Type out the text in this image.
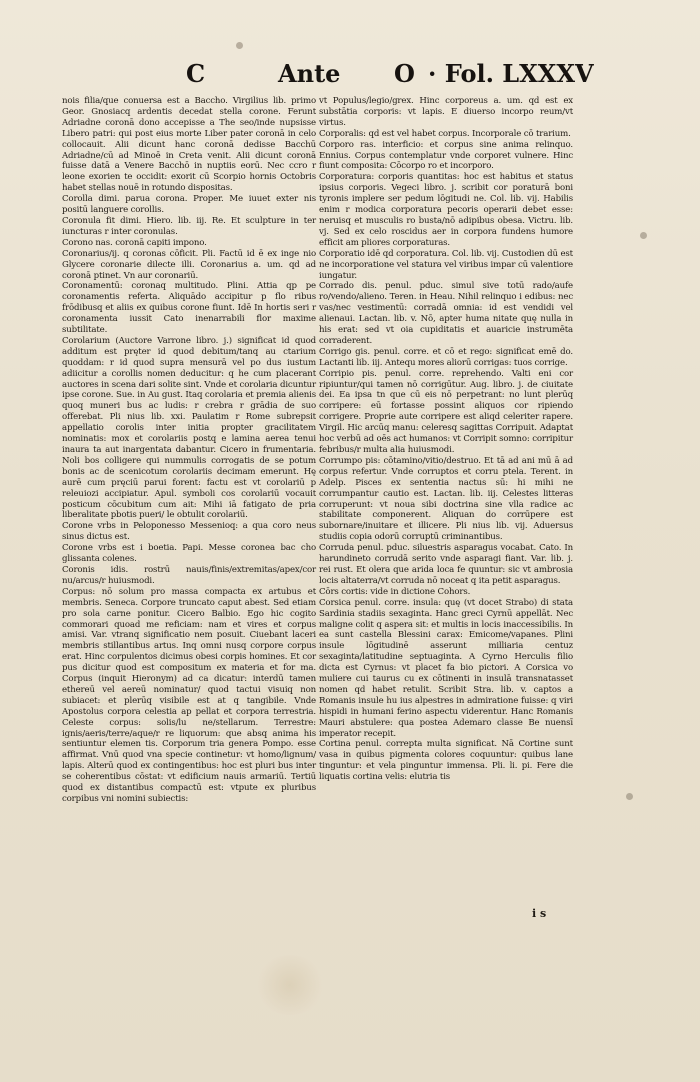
C	Ante O · Fol. LXXXV

nois filia/que conuersa est a Baccho. Virgilius lib. primo Geor. Gnosiacq ardentis decedat stella corone. Ferunt Adriadne coronā dono accepisse a The seo/inde nupsisse Libero patri: qui post eius morte Liber pater coronā in celo collocauit. Alii dicunt hanc coronā dedisse Bacchū Adriadne/cū ad Minoē in Creta venit. Alii dicunt coronā fuisse datā a Venere Bacchō in nuptiis eorū. Nec ccro r leone exorien te occidit: exorit cū Scorpio hornis Octobris habet stellas nouē in rotundo dispositas.

Corolla dimi. parua corona. Proper. Me iuuet exter nis positū languere corollis.

Coronula fit dimi. Hiero. lib. iij. Re. Et sculpture in ter iuncturas r inter coronulas.

Corono nas. coronā capiti impono.

Coronarius/ij. q coronas cōficit. Pli. Factū id ē ex inge nio Glycere coronarie dilecte illi. Coronarius a. um. qd ad coronā ptinet. Vn aur coronariū.

Coronamentū: coronaq multitudo. Plini. Attia qp pe coronamentis referta. Aliquādo accipitur p flo ribus frōdibusq et aliis ex quibus corone fiunt. Idē In hortis seri r coronamenta iussit Cato inenarrabili flor maxime subtilitate.

Corolarium (Auctore Varrone libro. j.) significat id quod additum est pręter id quod debitum/tanq au ctarium quoddam: r id quod supra mensurā vel po dus iustum adiicitur a corollis nomen deducitur: q he cum placerant auctores in scena dari solite sint. Vnde et corolaria dicuntur ipse corone. Sue. in Au gust. Itaq corolaria et premia alienis quoq muneri bus ac ludis: r crebra r grādia de suo offerebat. Pli nius lib. xxi. Paulatim r Rome subrepsit appellatio corolis inter initia propter gracilitatem nominatis: mox et corolariis postq e lamina aerea tenui inaura ta aut inargentata dabantur. Cicero in frumentaria. Noli bos colligere qui nummulis corrogatis de se potum bonis ac de scenicotum corolariis decimam emerunt. Hę aurē cum pręciū parui forent: factu est vt corolariū p releuiozi accipiatur. Apul. symboli cos corolariū vocauit posticum cōcubitum cum ait: Mihi iā fatigato de pria liberalitate pbotis pueri/ le obtulit corolariū.

Corone vrbs in Peloponesso Messenioq: a qua coro neus sinus dictus est.

Corone vrbs est i boetia. Papi. Messe coronea bac cho glissanta colenes.

Coronis idis. rostrū nauis/finis/extremitas/apex/cor nu/arcus/r huiusmodi.

Corpus: nō solum pro massa compacta ex artubus et membris. Seneca. Corpore truncato caput abest. Sed etiam pro sola carne ponitur. Cicero Balbio. Ego hic cogito commorari quoad me reficiam: nam et vires et corpus amisi. Var. vtranq significatio nem posuit. Ciuebant laceri membris stillantibus artus. Inq omni nusq corpore corpus erat. Hinc corpulentos dicimus obesi corpis homines. Et cor pus dicitur quod est compositum ex materia et for ma. Corpus (inquit Hieronym) ad ca dicatur: interdū tamen ethereū vel aereū nominatur/ quod tactui visuiq non subiacet: et plerūq visibile est at q tangibile. Vnde Apostolus corpora celestia ap pellat et corpora terrestria. Celeste corpus: solis/lu ne/stellarum. Terrestre: ignis/aeris/terre/aque/r re liquorum: que absq anima his sentiuntur elemen tis. Corporum tria genera Pompo. esse affirmat. Vnū quod vna specie continetur: vt homo/lignum/ lapis. Alterū quod ex contingentibus: hoc est pluri bus inter se coherentibus cōstat: vt edificium nauis armariū. Tertiū quod ex distantibus compactū est: vtpute ex pluribus corpibus vni nomini subiectis:

vt Populus/legio/grex. Hinc corporeus a. um. qd est ex substātia corporis: vt lapis. E diuerso incorpo reum/vt virtus.

Corporalis: qd est vel habet corpus. Incorporale cō trarium.

Corporo ras. interficio: et corpus sine anima relinquo. Ennius. Corpus contemplatur vnde corporet vulnere. Hinc fiunt composita: Cōcorpo ro et incorporo.

Corporatura: corporis quantitas: hoc est habitus et status ipsius corporis. Vegeci libro. j. scribit cor poraturā boni tyronis implere ser pedum lōgitudi ne. Col. lib. vij. Habilis enim r modica corporatura pecoris operarii debet esse: neruisq et musculis ro busta/nō adipibus obesa. Victru. lib. vj. Sed ex celo roscidus aer in corpora fundens humore efficit am pliores corporaturas.

Corporatio idē qd corporatura. Col. lib. vij. Custodien dū est ne incorporatione vel statura vel viribus impar cū valentiore iungatur.

Corrado dis. penul. pduc. simul sive totū rado/aufe ro/vendo/alieno. Teren. in Heau. Nihil relinquo i edibus: nec vas/nec vestimentū: corradā omnia: id est vendidi vel alienaui. Lactan. lib. v. Nō, apter huma nitate quę nulla in his erat: sed vt oia cupiditatis et auaricie instrumēta corraderent.

Corrigo gis. penul. corre. et cō et rego: significat emē do. Lactanti lib. iij. Antequ mores aliorū corrigas: tuos corrige.

Corripio pis. penul. corre. reprehendo. Valti eni cor ripiuntur/qui tamen nō corrigūtur. Aug. libro. j. de ciuitate dei. Ea ipsa tn que cū eis nō perpetrant: no lunt plerūq corripere: eū fortasse possint aliquos cor ripiendo corrigere. Proprie aute corripere est aliqd celeriter rapere. Virgil. Hic arcūq manu: celeresq sagittas Corripuit. Adaptat hoc verbū ad oēs act humanos: vt Corripit somno: corripitur febribus/r multa alia huiusmodi.

Corrumpo pis: cōtamino/vitio/destruo. Et tā ad ani mū ā ad corpus refertur. Vnde corruptos et corru ptela. Terent. in Adelp. Pisces ex sententia nactus sū: hi mihi ne corrumpantur cautio est. Lactan. lib. iij. Celestes litteras corruperunt: vt noua sibi doctrina sine vlla radice ac stabilitate componerent. Aliquan do corrūpere est subornare/inuitare et illicere. Pli nius lib. vij. Aduersus studiis copia odorū corruptū criminantibus.

Corruda penul. pduc. siluestris asparagus vocabat. Cato. In harundineto corrudā serito vnde asparagi fiant. Var. lib. j. rei rust. Et olera que arida loca fe quuntur: sic vt ambrosia locis altaterra/vt corruda nō noceat q ita petit asparagus.

Cōrs cortis: vide in dictione Cohors.

Corsica penul. corre. insula: quę (vt docet Strabo) di stata Sardinia stadiis sexaginta. Hanc greci Cyrnū appellāt. Nec maligne colit q aspera sit: et multis in locis inaccessibilis. In ea sunt castella Blessini carax: Emicome/vapanes. Plini insule lōgitudinē asserunt milliaria centuz sexaginta/latitudine septuaginta. A Cyrno Herculis filio dicta est Cyrnus: vt placet fa bio pictori. A Corsica vo muliere cui taurus cu ex cōtinenti in insulā transnatasset nomen qd habet retulit. Scribit Stra. lib. v. captos a Romanis insule hu ius alpestres in admiratione fuisse: q viri hispidi in humani ferino aspectu viderentur. Hanc Romanis Mauri abstulere: qua postea Ademaro classe Be nuensī imperator recepit.

Cortina penul. correpta multa significat. Nā Cortine sunt vasa in quibus pigmenta colores coquuntur: quibus lane tinguntur: et vela pinguntur immensa. Pli. li. pi. Fere die liquatis cortina velis: elutria tis

i s
